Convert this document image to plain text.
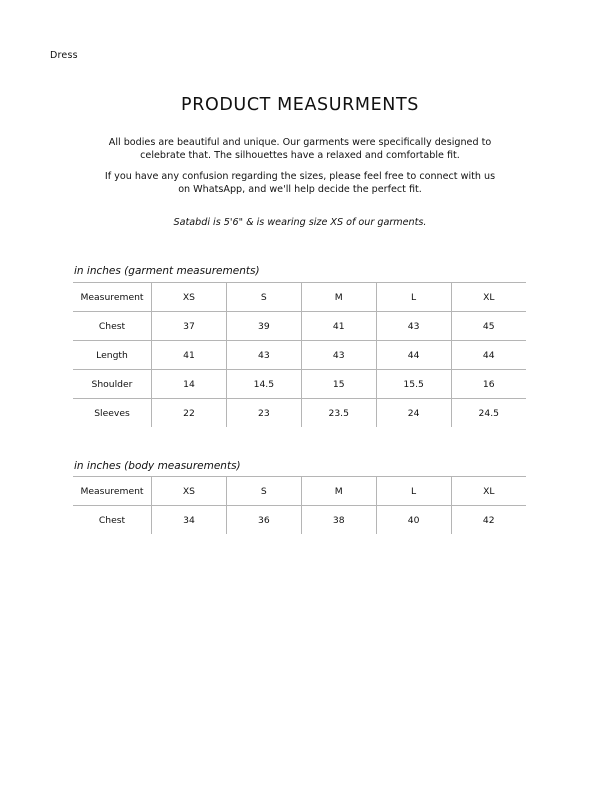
Dress
PRODUCT MEASURMENTS

All bodies are beautiful and unique. Our garments were specifically designed to celebrate that. The silhouettes have a relaxed and comfortable fit.

If you have any confusion regarding the sizes, please feel free to connect with us on WhatsApp, and we'll help decide the perfect fit.

Satabdi is 5'6" & is wearing size XS of our garments.

in inches (garment measurements)

Measurement	XS	S	M	L	XL
Chest	37	39	41	43	45
Length	41	43	43	44	44
Shoulder	14	14.5	15	15.5	16
Sleeves	22	23	23.5	24	24.5

in inches (body measurements)

Measurement	XS	S	M	L	XL
Chest	34	36	38	40	42
